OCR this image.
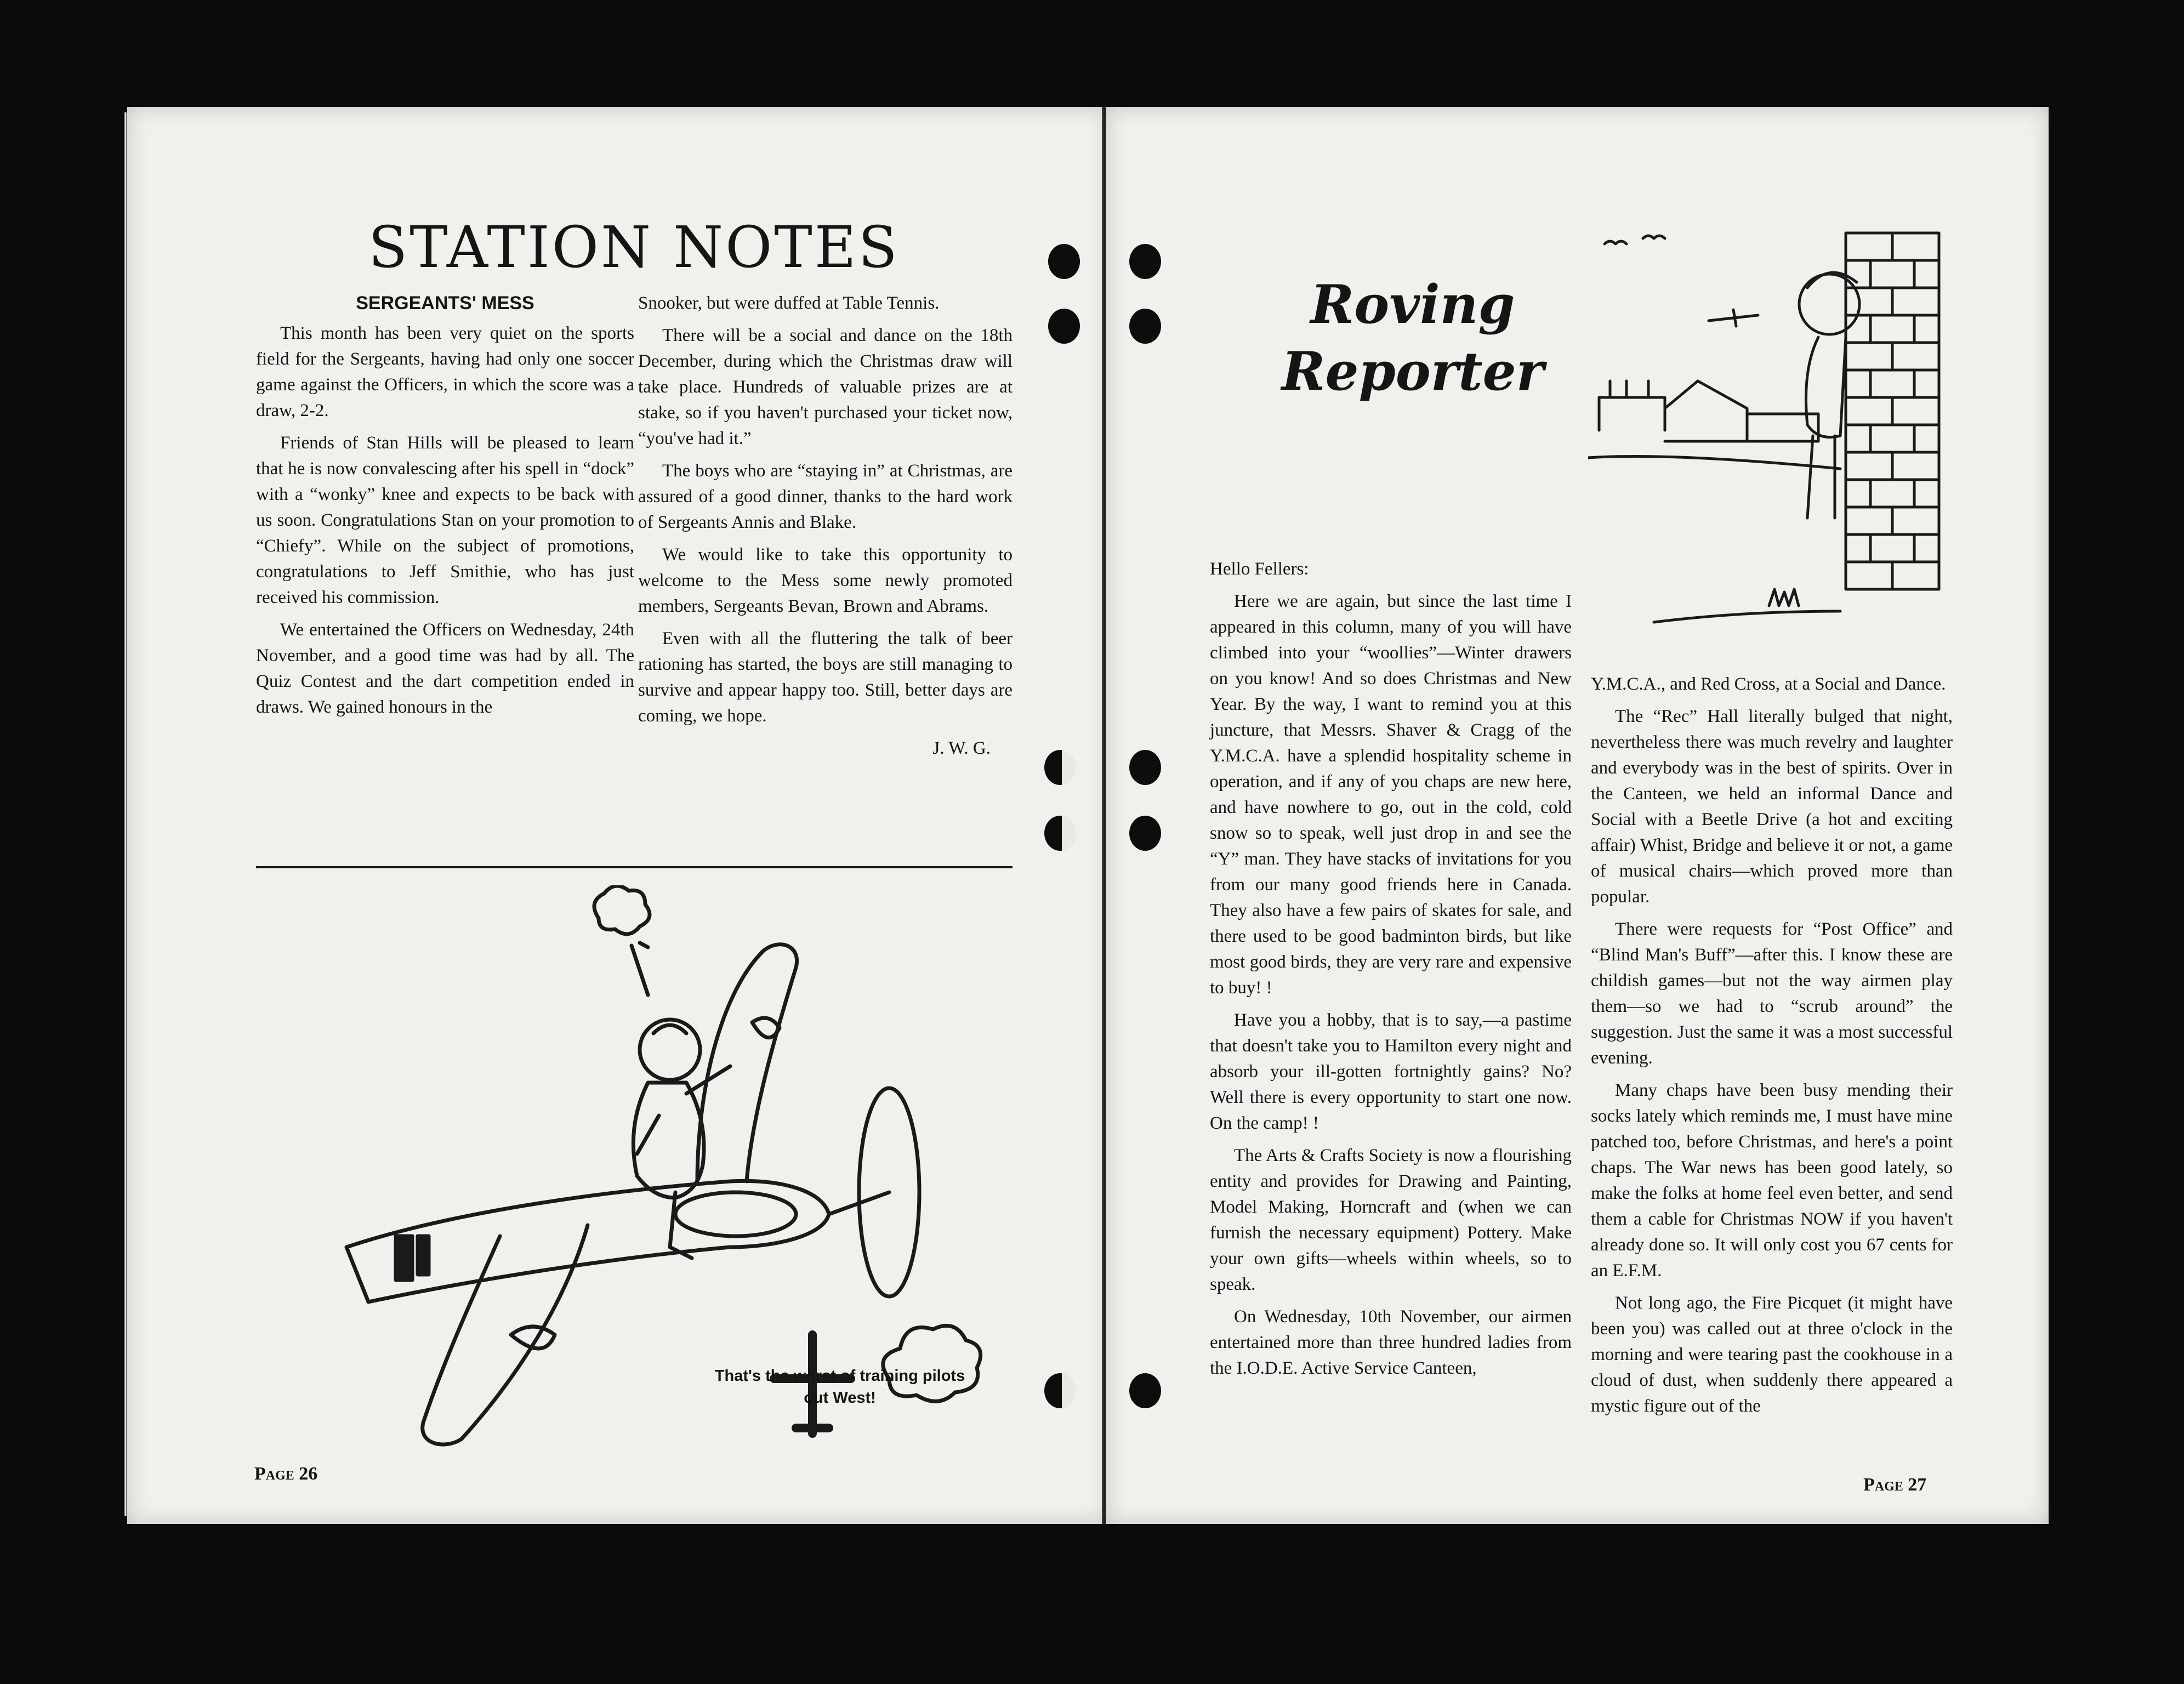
STATION NOTES
SERGEANTS' MESS

This month has been very quiet on the sports field for the Sergeants, having had only one soccer game against the Officers, in which the score was a draw, 2-2.

Friends of Stan Hills will be pleased to learn that he is now convalescing after his spell in “dock” with a “wonky” knee and expects to be back with us soon. Congratulations Stan on your promotion to “Chiefy”. While on the subject of promotions, congratulations to Jeff Smithie, who has just received his commission.

We entertained the Officers on Wednesday, 24th November, and a good time was had by all. The Quiz Contest and the dart competition ended in draws. We gained honours in the

Snooker, but were duffed at Table Tennis.

There will be a social and dance on the 18th December, during which the Christmas draw will take place. Hundreds of valuable prizes are at stake, so if you haven't purchased your ticket now, “you've had it.”

The boys who are “staying in” at Christmas, are assured of a good dinner, thanks to the hard work of Sergeants Annis and Blake.

We would like to take this opportunity to welcome to the Mess some newly promoted members, Sergeants Bevan, Brown and Abrams.

Even with all the fluttering the talk of beer rationing has started, the boys are still managing to survive and appear happy too. Still, better days are coming, we hope.

J. W. G.
That's the worst of training pilots out West!
Page 26
Roving Reporter

Hello Fellers:

Here we are again, but since the last time I appeared in this column, many of you will have climbed into your “woollies”—Winter drawers on you know! And so does Christmas and New Year. By the way, I want to remind you at this juncture, that Messrs. Shaver & Cragg of the Y.M.C.A. have a splendid hospitality scheme in operation, and if any of you chaps are new here, and have nowhere to go, out in the cold, cold snow so to speak, well just drop in and see the “Y” man. They have stacks of invitations for you from our many good friends here in Canada. They also have a few pairs of skates for sale, and there used to be good badminton birds, but like most good birds, they are very rare and expensive to buy! !

Have you a hobby, that is to say,—a pastime that doesn't take you to Hamilton every night and absorb your ill-gotten fortnightly gains? No? Well there is every opportunity to start one now. On the camp! !

The Arts & Crafts Society is now a flourishing entity and provides for Drawing and Painting, Model Making, Horncraft and (when we can furnish the necessary equipment) Pottery. Make your own gifts—wheels within wheels, so to speak.

On Wednesday, 10th November, our airmen entertained more than three hundred ladies from the I.O.D.E. Active Service Canteen,

Y.M.C.A., and Red Cross, at a Social and Dance.

The “Rec” Hall literally bulged that night, nevertheless there was much revelry and laughter and everybody was in the best of spirits. Over in the Canteen, we held an informal Dance and Social with a Beetle Drive (a hot and exciting affair) Whist, Bridge and believe it or not, a game of musical chairs—which proved more than popular.

There were requests for “Post Office” and “Blind Man's Buff”—after this. I know these are childish games—but not the way airmen play them—so we had to “scrub around” the suggestion. Just the same it was a most successful evening.

Many chaps have been busy mending their socks lately which reminds me, I must have mine patched too, before Christmas, and here's a point chaps. The War news has been good lately, so make the folks at home feel even better, and send them a cable for Christmas NOW if you haven't already done so. It will only cost you 67 cents for an E.F.M.

Not long ago, the Fire Picquet (it might have been you) was called out at three o'clock in the morning and were tearing past the cookhouse in a cloud of dust, when suddenly there appeared a mystic figure out of the

Page 27
